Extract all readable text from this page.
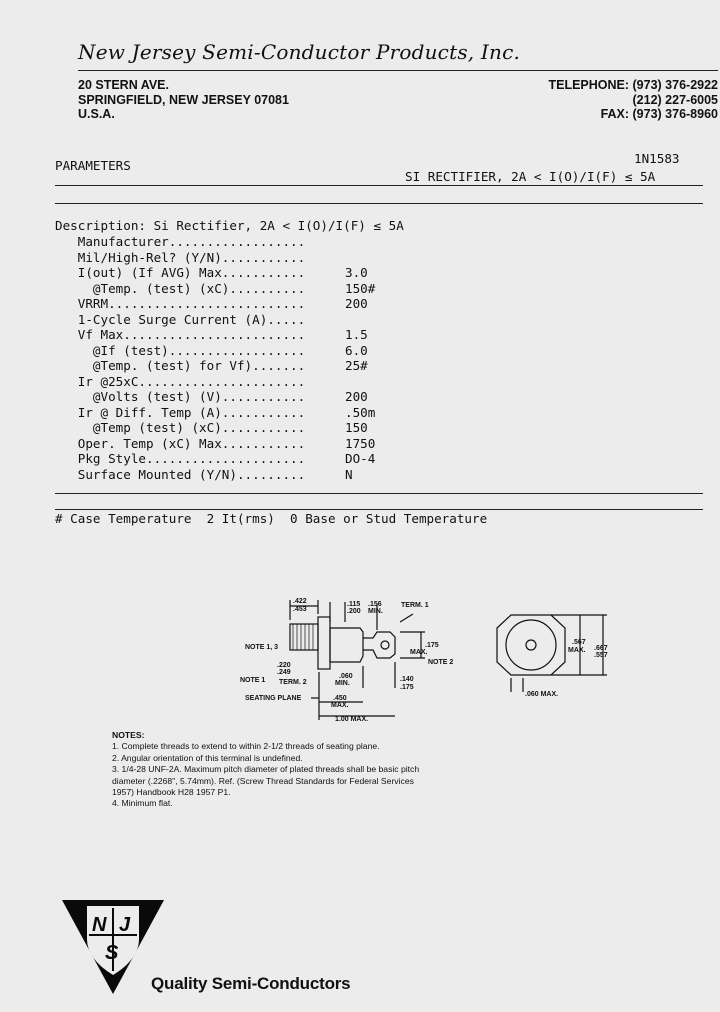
New Jersey Semi-Conductor Products, Inc.
20 STERN AVE.
SPRINGFIELD, NEW JERSEY 07081
U.S.A.
TELEPHONE: (973) 376-2922
(212) 227-6005
FAX: (973) 376-8960
PARAMETERS	1N1583
SI RECTIFIER, 2A < I(O)/I(F) ≤ 5A

Description: Si Rectifier, 2A < I(O)/I(F) ≤ 5A

Manufacturer..................

Mil/High-Rel? (Y/N)...........

I(out) (If AVG) Max...........	3.0

@Temp. (test) (xC)..........	150#

VRRM..........................	200

1-Cycle Surge Current (A).....

Vf Max........................	1.5

@If (test)..................	6.0

@Temp. (test) for Vf).......	25#

Ir @25xC......................

@Volts (test) (V)...........	200

Ir @ Diff. Temp (A)...........	.50m

@Temp (test) (xC)...........	150

Oper. Temp (xC) Max...........	1750

Pkg Style.....................	DO-4

Surface Mounted (Y/N).........	N

# Case Temperature  2 It(rms)  0 Base or Stud Temperature
.422
.453
.115
.200
.156
MIN.
TERM. 1
NOTE 1, 3
.220
.249
.175
MAX.
NOTE 2
NOTE 1 TERM. 2
.060
MIN.
.140
.175
SEATING PLANE	.450
MAX.
1.00 MAX.
.567
MAX. .667
.557
.060 MAX.
NOTES:
1. Complete threads to extend to within 2-1/2 threads of seating plane.
2. Angular orientation of this terminal is undefined.
3. 1/4-28 UNF-2A. Maximum pitch diameter of plated threads shall be basic pitch
diameter (.2268", 5.74mm). Ref. (Screw Thread Standards for Federal Services
1957) Handbook H28 1957 P1.
4. Minimum flat.
N J
S
Quality Semi-Conductors
